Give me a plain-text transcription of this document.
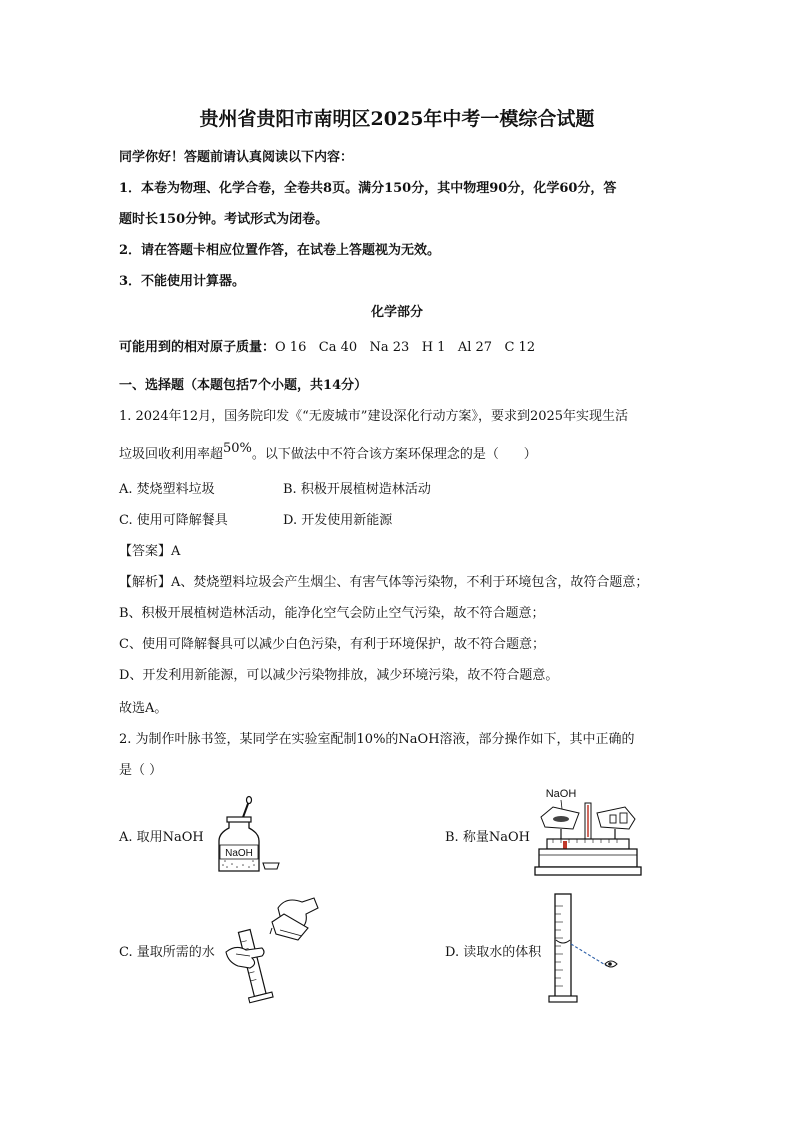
贵州省贵阳市南明区2025年中考一模综合试题
同学你好！答题前请认真阅读以下内容：
1．本卷为物理、化学合卷，全卷共8页。满分150分，其中物理90分，化学60分，答
题时长150分钟。考试形式为闭卷。
2．请在答题卡相应位置作答，在试卷上答题视为无效。
3．不能使用计算器。
化学部分
可能用到的相对原子质量：O 16   Ca 40   Na 23   H 1   Al 27   C 12
一、选择题（本题包括7个小题，共14分）
1. 2024年12月，国务院印发《“无废城市”建设深化行动方案》，要求到2025年实现生活
垃圾回收利用率超50%。以下做法中不符合该方案环保理念的是（      ）
A. 焚烧塑料垃圾	B. 积极开展植树造林活动
C. 使用可降解餐具	D. 开发使用新能源
【答案】A
【解析】A、焚烧塑料垃圾会产生烟尘、有害气体等污染物，不利于环境包含，故符合题意；
B、积极开展植树造林活动，能净化空气会防止空气污染，故不符合题意；
C、使用可降解餐具可以减少白色污染，有利于环境保护，故不符合题意；
D、开发利用新能源，可以减少污染物排放，减少环境污染，故不符合题意。
故选A。
2. 为制作叶脉书签，某同学在实验室配制10%的NaOH溶液，部分操作如下，其中正确的
是（ ）
A. 取用NaOH
NaOH
B. 称量NaOH
NaOH
C. 量取所需的水	D. 读取水的体积
